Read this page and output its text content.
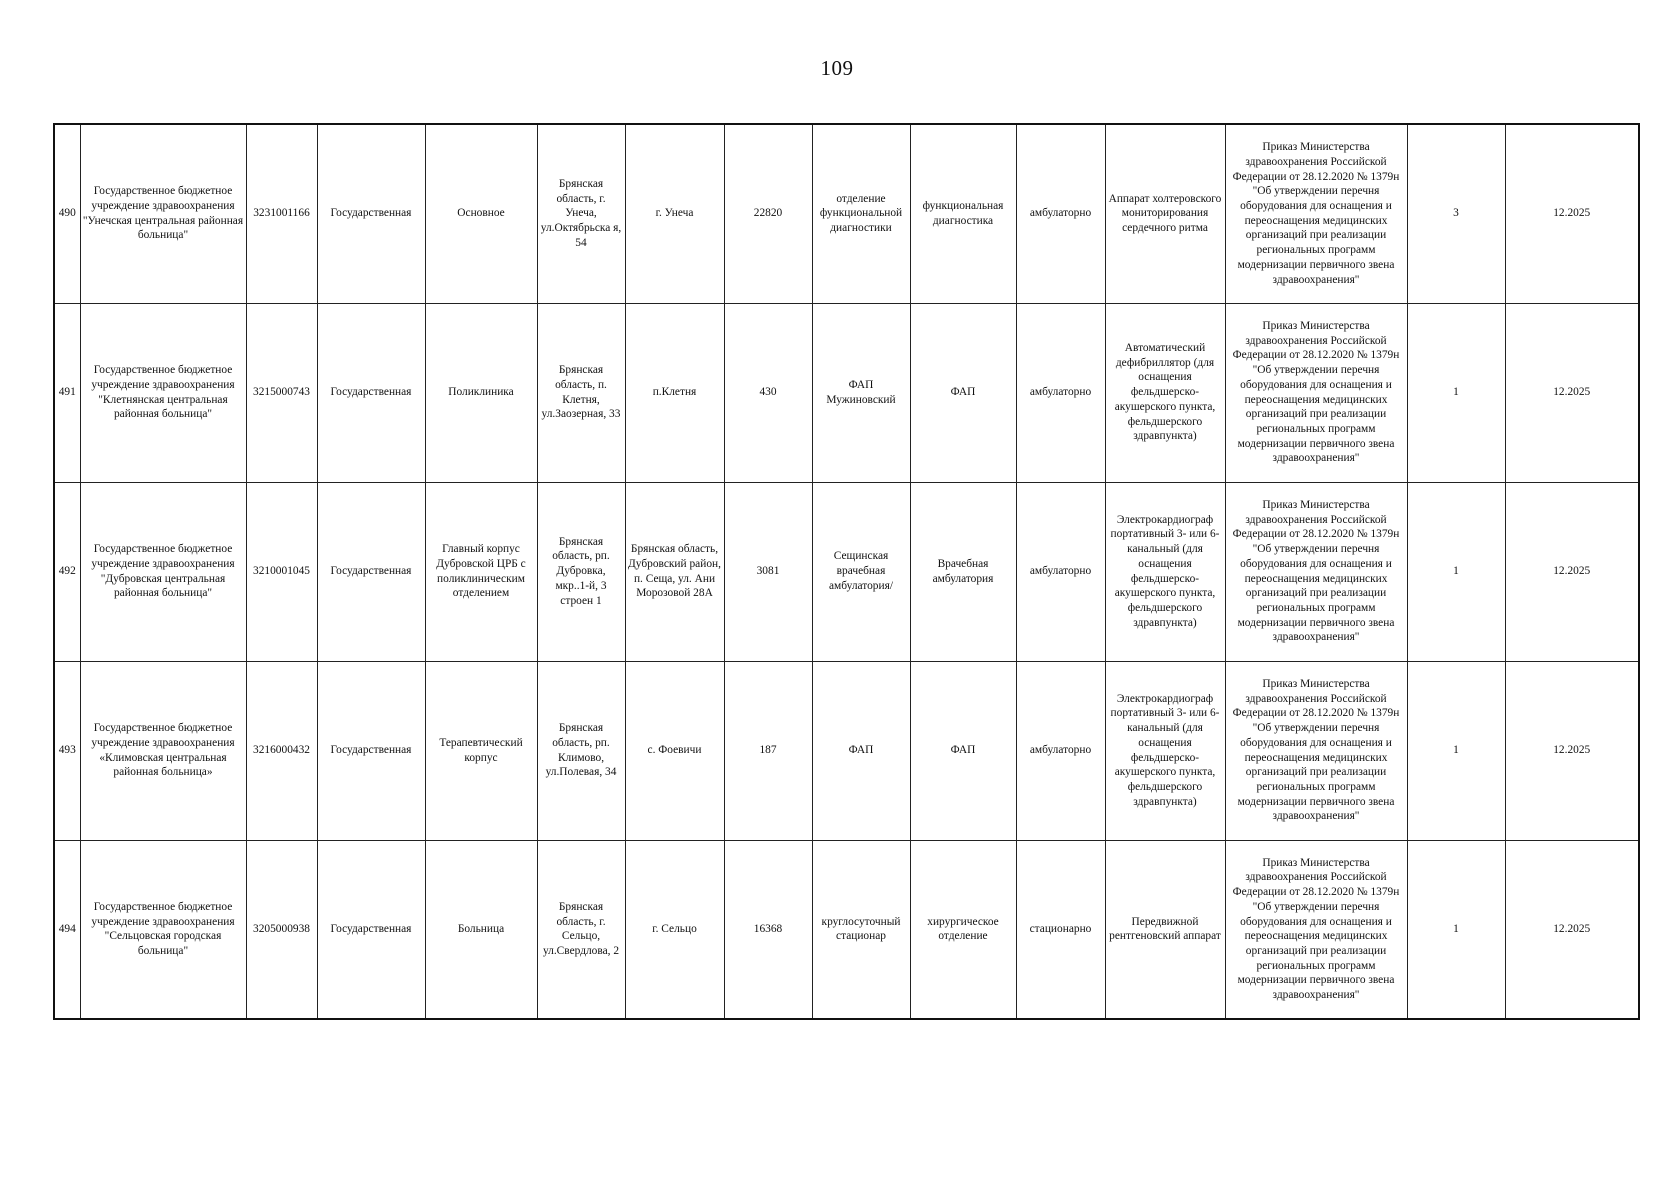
109
490	Государственное бюджетное учреждение здравоохранения "Унечская центральная районная больница"	3231001166	Государственная	Основное	Брянская область, г. Унеча, ул.Октябрьска я, 54	г. Унеча	22820	отделение функциональной диагностики	функциональная диагностика	амбулаторно	Аппарат холтеровского мониторирования сердечного ритма	Приказ Министерства здравоохранения Российской Федерации от 28.12.2020 № 1379н "Об утверждении перечня оборудования для оснащения и переоснащения медицинских организаций при реализации региональных программ модернизации первичного звена здравоохранения"	3	12.2025
491	Государственное бюджетное учреждение здравоохранения "Клетнянская центральная районная больница"	3215000743	Государственная	Поликлиника	Брянская область, п. Клетня, ул.Заозерная, 33	п.Клетня	430	ФАП Мужиновский	ФАП	амбулаторно	Автоматический дефибриллятор (для оснащения фельдшерско-акушерского пункта, фельдшерского здравпункта)	Приказ Министерства здравоохранения Российской Федерации от 28.12.2020 № 1379н "Об утверждении перечня оборудования для оснащения и переоснащения медицинских организаций при реализации региональных программ модернизации первичного звена здравоохранения"	1	12.2025
492	Государственное бюджетное учреждение здравоохранения "Дубровская центральная районная больница"	3210001045	Государственная	Главный корпус Дубровской ЦРБ с поликлиническим отделением	Брянская область, рп. Дубровка, мкр..1-й, 3 строен 1	Брянская область, Дубровский район, п. Сеща, ул. Ани Морозовой 28А	3081	Сещинская врачебная амбулатория/	Врачебная амбулатория	амбулаторно	Электрокардиограф портативный 3- или 6-канальный (для оснащения фельдшерско-акушерского пункта, фельдшерского здравпункта)	Приказ Министерства здравоохранения Российской Федерации от 28.12.2020 № 1379н "Об утверждении перечня оборудования для оснащения и переоснащения медицинских организаций при реализации региональных программ модернизации первичного звена здравоохранения"	1	12.2025
493	Государственное бюджетное учреждение здравоохранения «Климовская центральная районная больница»	3216000432	Государственная	Терапевтический корпус	Брянская область, рп. Климово, ул.Полевая, 34	с. Фоевичи	187	ФАП	ФАП	амбулаторно	Электрокардиограф портативный 3- или 6-канальный (для оснащения фельдшерско-акушерского пункта, фельдшерского здравпункта)	Приказ Министерства здравоохранения Российской Федерации от 28.12.2020 № 1379н "Об утверждении перечня оборудования для оснащения и переоснащения медицинских организаций при реализации региональных программ модернизации первичного звена здравоохранения"	1	12.2025
494	Государственное бюджетное учреждение здравоохранения "Сельцовская городская больница"	3205000938	Государственная	Больница	Брянская область, г. Сельцо, ул.Свердлова, 2	г. Сельцо	16368	круглосуточный стационар	хирургическое отделение	стационарно	Передвижной рентгеновский аппарат	Приказ Министерства здравоохранения Российской Федерации от 28.12.2020 № 1379н "Об утверждении перечня оборудования для оснащения и переоснащения медицинских организаций при реализации региональных программ модернизации первичного звена здравоохранения"	1	12.2025
